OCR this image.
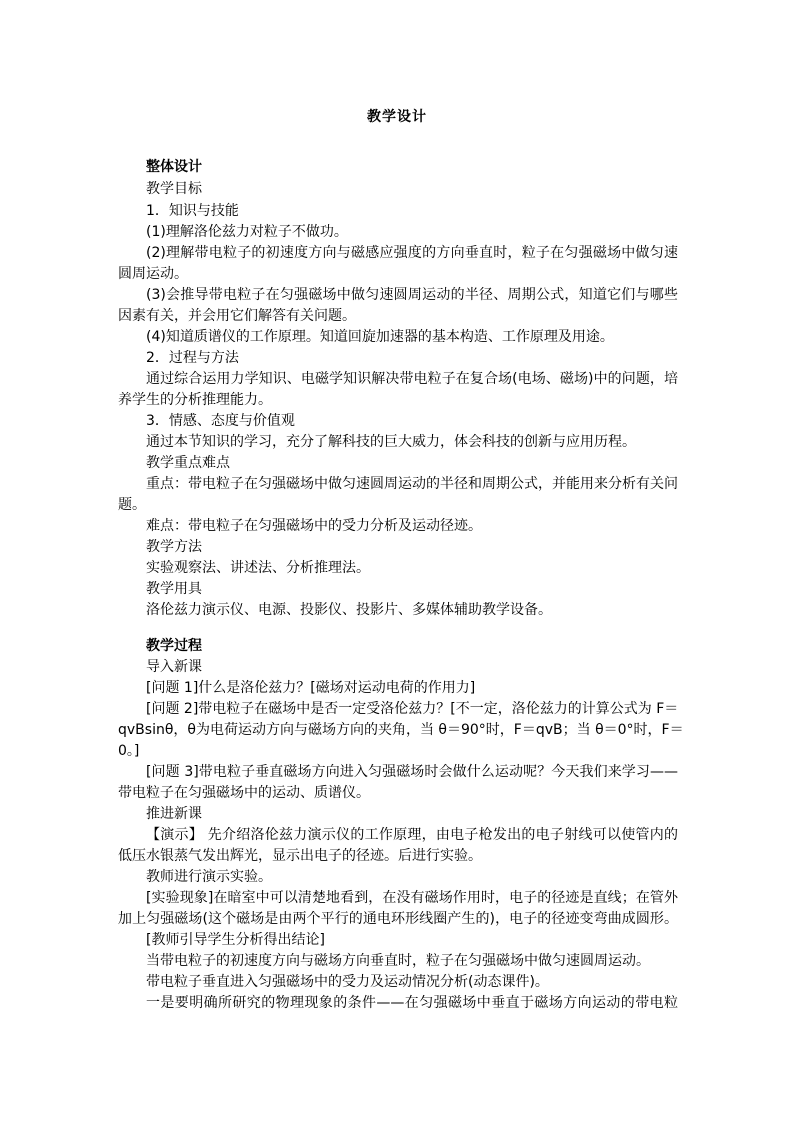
教学设计
整体设计
教学目标
1．知识与技能
(1)理解洛伦兹力对粒子不做功。
(2)理解带电粒子的初速度方向与磁感应强度的方向垂直时，粒子在匀强磁场中做匀速
圆周运动。
(3)会推导带电粒子在匀强磁场中做匀速圆周运动的半径、周期公式，知道它们与哪些
因素有关，并会用它们解答有关问题。
(4)知道质谱仪的工作原理。知道回旋加速器的基本构造、工作原理及用途。
2．过程与方法
通过综合运用力学知识、电磁学知识解决带电粒子在复合场(电场、磁场)中的问题，培
养学生的分析推理能力。
3．情感、态度与价值观
通过本节知识的学习，充分了解科技的巨大威力，体会科技的创新与应用历程。
教学重点难点
重点：带电粒子在匀强磁场中做匀速圆周运动的半径和周期公式，并能用来分析有关问
题。
难点：带电粒子在匀强磁场中的受力分析及运动径迹。
教学方法
实验观察法、讲述法、分析推理法。
教学用具
洛伦兹力演示仪、电源、投影仪、投影片、多媒体辅助教学设备。
教学过程
导入新课
[问题 1]什么是洛伦兹力？[磁场对运动电荷的作用力]
[问题 2]带电粒子在磁场中是否一定受洛伦兹力？[不一定，洛伦兹力的计算公式为 F＝
qvBsinθ，θ为电荷运动方向与磁场方向的夹角，当 θ＝90°时，F＝qvB；当 θ＝0°时，F＝
0。]
[问题 3]带电粒子垂直磁场方向进入匀强磁场时会做什么运动呢？今天我们来学习——
带电粒子在匀强磁场中的运动、质谱仪。
推进新课
【演示】 先介绍洛伦兹力演示仪的工作原理，由电子枪发出的电子射线可以使管内的
低压水银蒸气发出辉光，显示出电子的径迹。后进行实验。
教师进行演示实验。
[实验现象]在暗室中可以清楚地看到，在没有磁场作用时，电子的径迹是直线；在管外
加上匀强磁场(这个磁场是由两个平行的通电环形线圈产生的)，电子的径迹变弯曲成圆形。
[教师引导学生分析得出结论]
当带电粒子的初速度方向与磁场方向垂直时，粒子在匀强磁场中做匀速圆周运动。
带电粒子垂直进入匀强磁场中的受力及运动情况分析(动态课件)。
一是要明确所研究的物理现象的条件——在匀强磁场中垂直于磁场方向运动的带电粒
